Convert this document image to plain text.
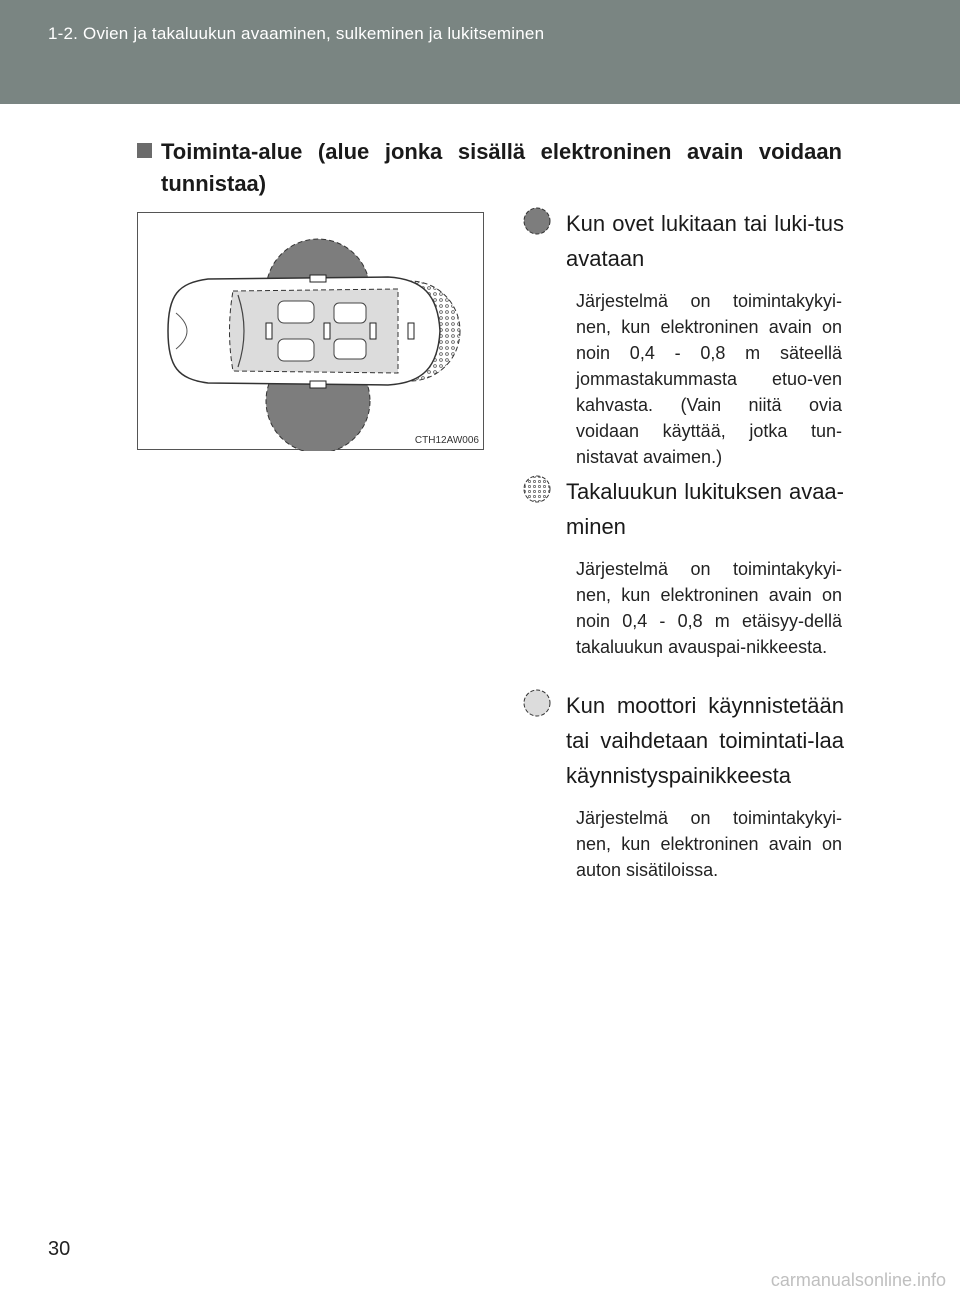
1-2. Ovien ja takaluukun avaaminen, sulkeminen ja lukitseminen
Toiminta-alue (alue jonka sisällä elektroninen avain voidaan tunnistaa)
CTH12AW006
Kun ovet lukitaan tai luki-tus avataan
Järjestelmä on toimintakykyi-nen, kun elektroninen avain on noin 0,4 - 0,8 m säteellä jommastakummasta etuo-ven kahvasta. (Vain niitä ovia voidaan käyttää, jotka tun-nistavat avaimen.)
Takaluukun lukituksen avaa-minen
Järjestelmä on toimintakykyi-nen, kun elektroninen avain on noin 0,4 - 0,8 m etäisyy-dellä takaluukun avauspai-nikkeesta.
Kun moottori käynnistetään tai vaihdetaan toimintati-laa käynnistyspainikkeesta
Järjestelmä on toimintakykyi-nen, kun elektroninen avain on auton sisätiloissa.
30
carmanualsonline.info
